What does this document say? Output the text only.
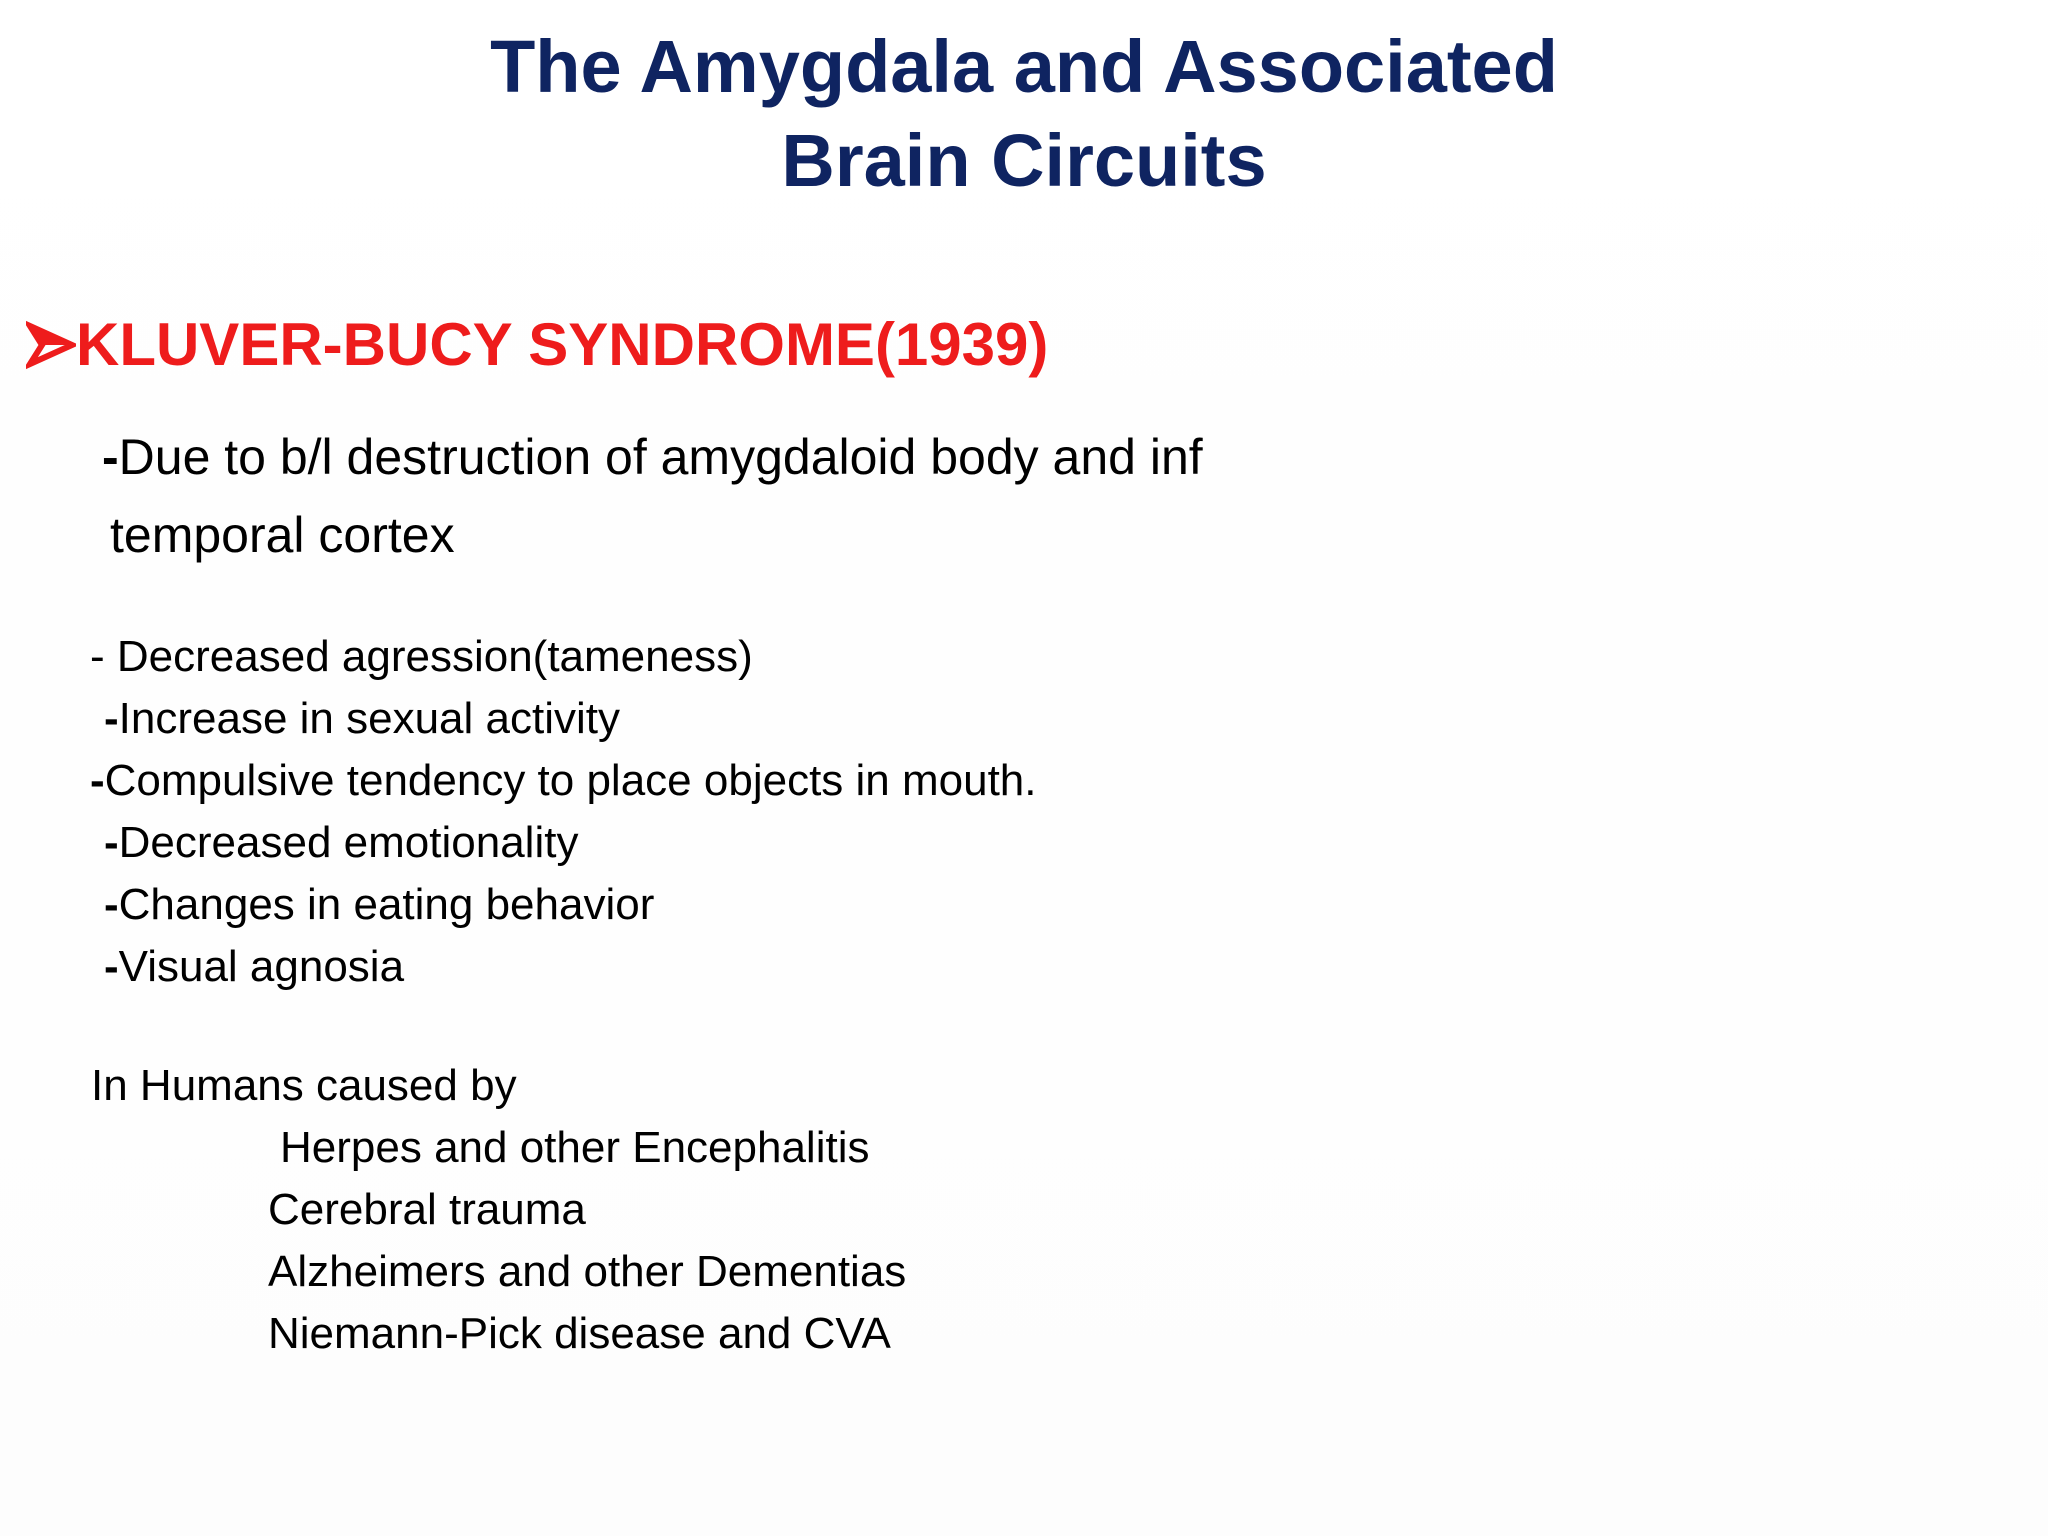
The Amygdala and Associated
Brain Circuits
KLUVER-BUCY SYNDROME(1939)
-Due to b/l destruction of amygdaloid body and inf
temporal cortex
- Decreased agression(tameness)
-Increase in sexual activity
-Compulsive tendency to place objects in mouth.
-Decreased emotionality
-Changes in eating behavior
-Visual agnosia
In Humans caused by
Herpes and other Encephalitis
Cerebral trauma
Alzheimers and other Dementias
Niemann-Pick disease and CVA
